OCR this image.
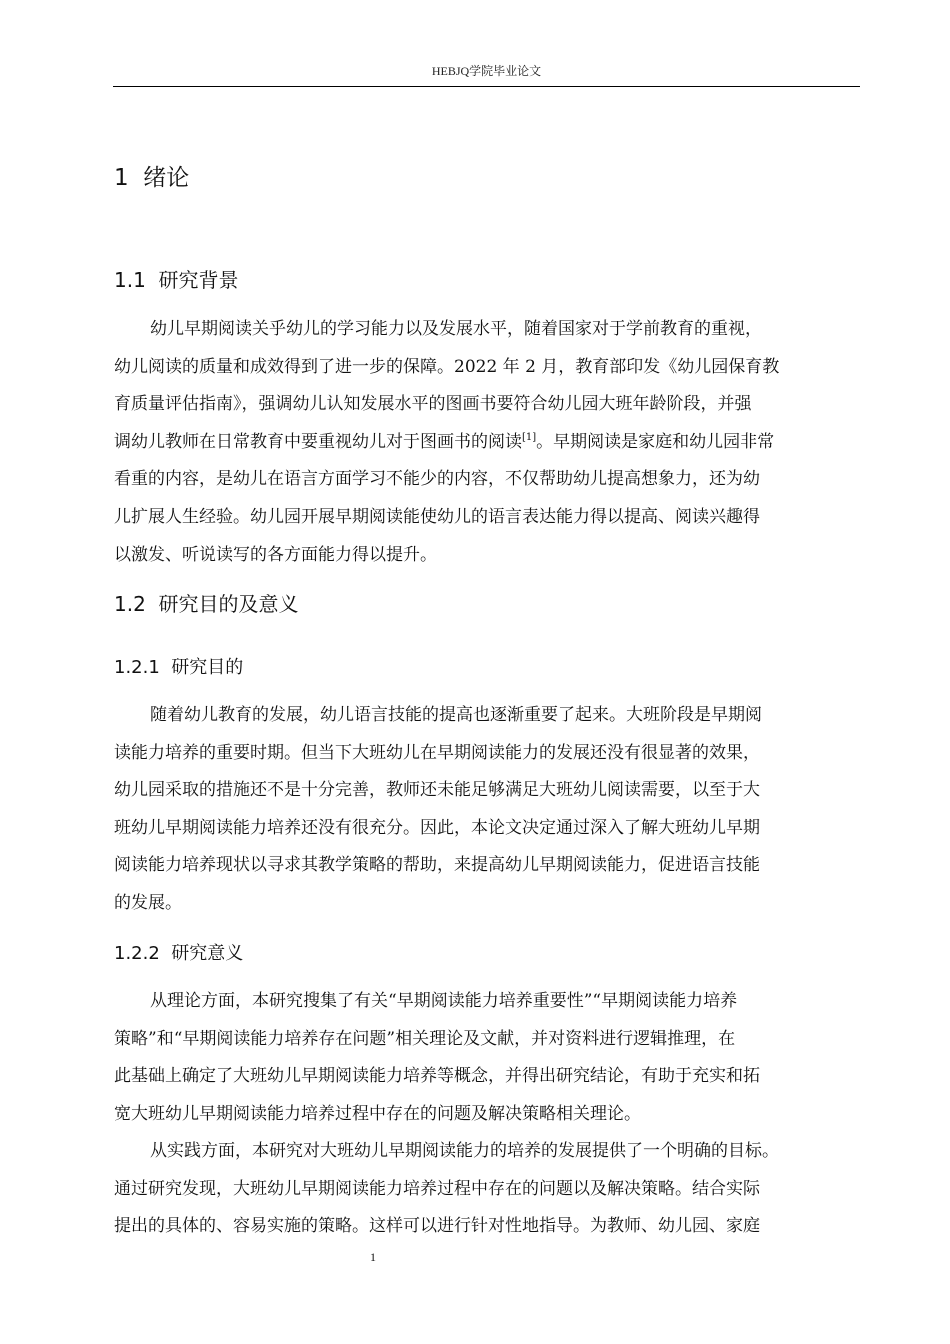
HEBJQ学院毕业论文
1  绪论
1.1  研究背景
幼儿早期阅读关乎幼儿的学习能力以及发展水平，随着国家对于学前教育的重视，
幼儿阅读的质量和成效得到了进一步的保障。2022 年 2 月，教育部印发《幼儿园保育教
育质量评估指南》，强调幼儿认知发展水平的图画书要符合幼儿园大班年龄阶段，并强
调幼儿教师在日常教育中要重视幼儿对于图画书的阅读[1]。早期阅读是家庭和幼儿园非常
看重的内容，是幼儿在语言方面学习不能少的内容，不仅帮助幼儿提高想象力，还为幼
儿扩展人生经验。幼儿园开展早期阅读能使幼儿的语言表达能力得以提高、阅读兴趣得
以激发、听说读写的各方面能力得以提升。
1.2  研究目的及意义
1.2.1  研究目的
随着幼儿教育的发展，幼儿语言技能的提高也逐渐重要了起来。大班阶段是早期阅
读能力培养的重要时期。但当下大班幼儿在早期阅读能力的发展还没有很显著的效果，
幼儿园采取的措施还不是十分完善，教师还未能足够满足大班幼儿阅读需要，以至于大
班幼儿早期阅读能力培养还没有很充分。因此，本论文决定通过深入了解大班幼儿早期
阅读能力培养现状以寻求其教学策略的帮助，来提高幼儿早期阅读能力，促进语言技能
的发展。
1.2.2  研究意义
从理论方面，本研究搜集了有关“早期阅读能力培养重要性”“早期阅读能力培养
策略”和“早期阅读能力培养存在问题”相关理论及文献，并对资料进行逻辑推理，在
此基础上确定了大班幼儿早期阅读能力培养等概念，并得出研究结论，有助于充实和拓
宽大班幼儿早期阅读能力培养过程中存在的问题及解决策略相关理论。
从实践方面，本研究对大班幼儿早期阅读能力的培养的发展提供了一个明确的目标。
通过研究发现，大班幼儿早期阅读能力培养过程中存在的问题以及解决策略。结合实际
提出的具体的、容易实施的策略。这样可以进行针对性地指导。为教师、幼儿园、家庭
1
